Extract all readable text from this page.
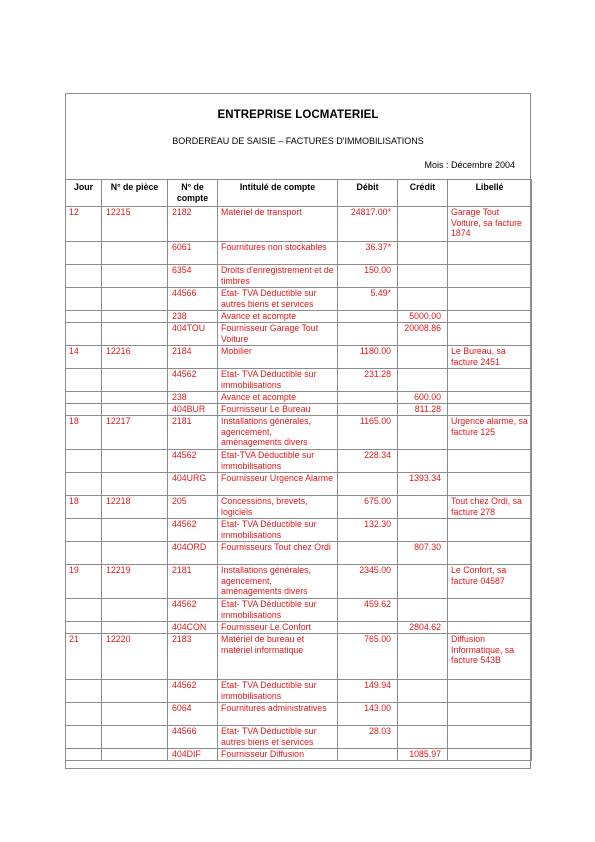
ENTREPRISE LOCMATERIEL
BORDEREAU DE SAISIE – FACTURES D'IMMOBILISATIONS
Mois : Décembre 2004
Jour	N° de pièce	N° de compte	Intitulé de compte	Débit	Crédit	Libellé
12	12215	2182	Matériel de transport	24817.00*		Garage Tout Voiture, sa facture 1874
		6061	Fournitures non stockables	36.37*		
		6354	Droits d'enregistrement et de timbres	150.00		
		44566	Etat- TVA Déductible sur autres biens et services	5.49*		
		238	Avance et acompte		5000.00	
		404TOU	Fournisseur Garage Tout Voiture		20008.86	
14	12216	2184	Mobilier	1180.00		Le Bureau, sa facture 2451
		44562	Etat- TVA Déductible sur immobilisations	231.28		
		238	Avance et acompte		600.00	
		404BUR	Fournisseur Le Bureau		811.28	
18	12217	2181	Installations générales, agencement, aménagements divers	1165.00		Urgence alarme, sa facture 125
		44562	Etat-TVA Déductible sur immobilisations	228.34		
		404URG	Fournisseur Urgence Alarme		1393.34	
18	12218	205	Concessions, brevets, logiciels	675.00		Tout chez Ordi, sa facture 278
		44562	Etat- TVA Déductible sur immobilisations	132.30		
		404ORD	Fournisseurs Tout chez Ordi		807.30	
19	12219	2181	Installations générales, agencement, aménagements divers	2345.00		Le Confort, sa facture 04587
		44562	Etat- TVA Déductible sur immobilisations	459.62		
		404CON	Fournisseur Le Confort		2804.62	
21	12220	2183	Matériel de bureau et matériel informatique	765.00		Diffusion Informatique, sa facture 543B
		44562	Etat- TVA Déductible sur immobilisations	149.94		
		6064	Fournitures administratives	143.00		
		44566	Etat- TVA Déductible sur autres biens et services	28.03		
		404DIF	Fournisseur Diffusion		1085.97	
